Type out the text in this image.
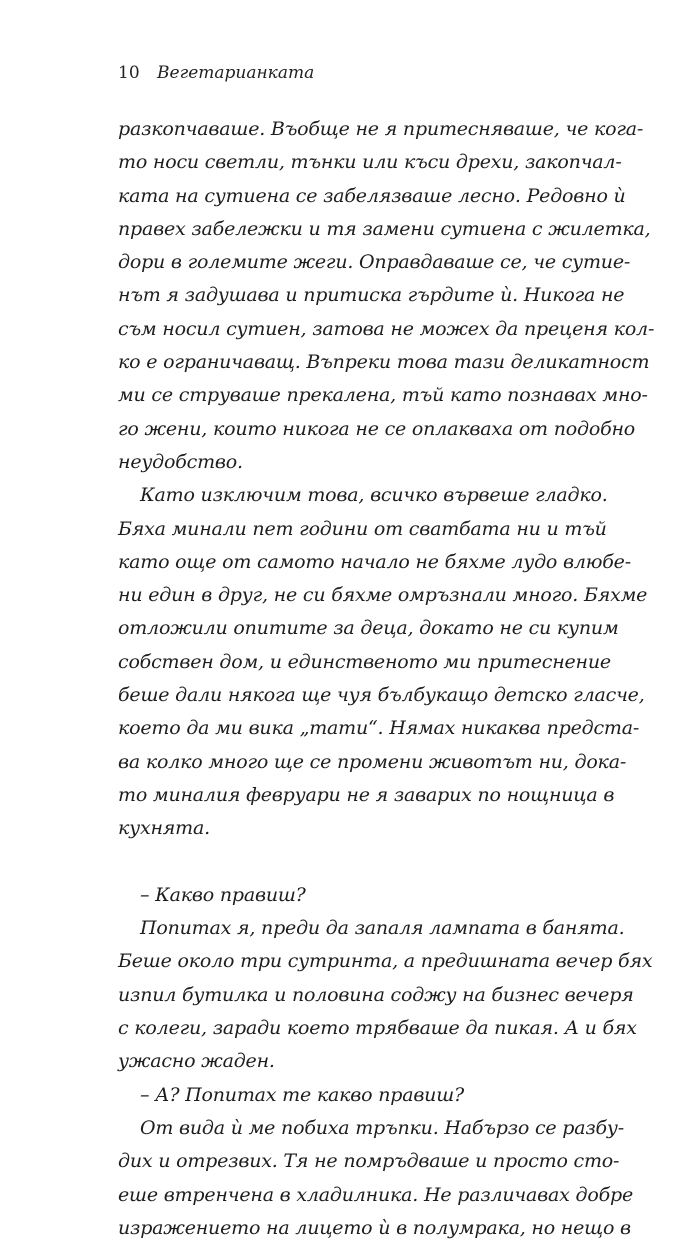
10 Вегетарианката
разкопчаваше. Въобще не я притесняваше, че кога-
то носи светли, тънки или къси дрехи, закопчал-
ката на сутиена се забелязваше лесно. Редовно ѝ
правех забележки и тя замени сутиена с жилетка,
дори в големите жеги. Оправдаваше се, че сутие-
нът я задушава и притиска гърдите ѝ. Никога не
съм носил сутиен, затова не можех да преценя кол-
ко е ограничаващ. Въпреки това тази деликатност
ми се струваше прекалена, тъй като познавах мно-
го жени, които никога не се оплакваха от подобно
неудобство.
Като изключим това, всичко вървеше гладко.
Бяха минали пет години от сватбата ни и тъй
като още от самото начало не бяхме лудо влюбе-
ни един в друг, не си бяхме омръзнали много. Бяхме
отложили опитите за деца, докато не си купим
собствен дом, и единственото ми притеснение
беше дали някога ще чуя бълбукащо детско гласче,
което да ми вика „тати“. Нямах никаква предста-
ва колко много ще се промени животът ни, дока-
то миналия февруари не я заварих по нощница в
кухнята.
– Какво правиш?
Попитах я, преди да запаля лампата в банята.
Беше около три сутринта, а предишната вечер бях
изпил бутилка и половина соджу на бизнес вечеря
с колеги, заради което трябваше да пикая. А и бях
ужасно жаден.
– А? Попитах те какво правиш?
От вида ѝ ме побиха тръпки. Набързо се разбу-
дих и отрезвих. Тя не помръдваше и просто сто-
еше втренчена в хладилника. Не различавах добре
изражението на лицето ѝ в полумрака, но нещо в
